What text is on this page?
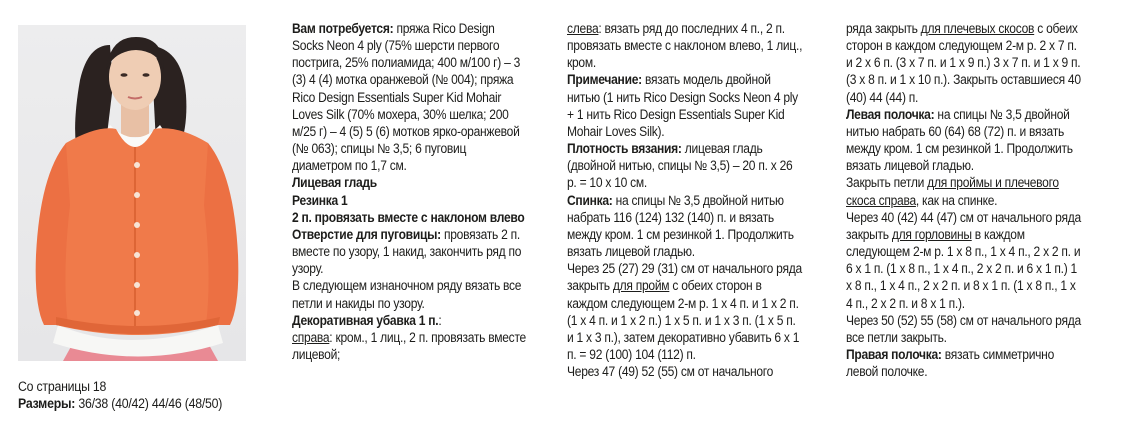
Со страницы 18
Размеры: 36/38 (40/42) 44/46 (48/50)

Вам потребуется: пряжа Rico Design Socks Neon 4 ply (75% шерсти первого пострига, 25% полиамида; 400 м/100 г) – 3 (3) 4 (4) мотка оранжевой (№ 004); пряжа Rico Design Essentials Super Kid Mohair Loves Silk (70% мохера, 30% шелка; 200 м/25 г) – 4 (5) 5 (6) мотков ярко-оранжевой (№ 063); спицы № 3,5; 6 пуговиц диаметром по 1,7 см.

Лицевая гладь

Резинка 1

2 п. провязать вместе с наклоном влево

Отверстие для пуговицы: провязать 2 п. вместе по узору, 1 накид, закончить ряд по узору.

В следующем изнаночном ряду вязать все петли и накиды по узору.

Декоративная убавка 1 п.:

справа: кром., 1 лиц., 2 п. провязать вместе лицевой;

слева: вязать ряд до последних 4 п., 2 п. провязать вместе с наклоном влево, 1 лиц., кром.

Примечание: вязать модель двойной нитью (1 нить Rico Design Socks Neon 4 ply + 1 нить Rico Design Essentials Super Kid Mohair Loves Silk).

Плотность вязания: лицевая гладь (двойной нитью, спицы № 3,5) – 20 п. х 26 р. = 10 х 10 см.

Спинка: на спицы № 3,5 двойной нитью набрать 116 (124) 132 (140) п. и вязать между кром. 1 см резинкой 1. Продолжить вязать лицевой гладью.

Через 25 (27) 29 (31) см от начального ряда закрыть для пройм с обеих сторон в каждом следующем 2-м р. 1 х 4 п. и 1 х 2 п. (1 х 4 п. и 1 х 2 п.) 1 х 5 п. и 1 х 3 п. (1 х 5 п. и 1 х 3 п.), затем декоративно убавить 6 х 1 п. = 92 (100) 104 (112) п.

Через 47 (49) 52 (55) см от начального

ряда закрыть для плечевых скосов с обеих сторон в каждом следующем 2-м р. 2 х 7 п. и 2 х 6 п. (3 х 7 п. и 1 х 9 п.) 3 х 7 п. и 1 х 9 п. (3 х 8 п. и 1 х 10 п.). Закрыть оставшиеся 40 (40) 44 (44) п.

Левая полочка: на спицы № 3,5 двойной нитью набрать 60 (64) 68 (72) п. и вязать между кром. 1 см резинкой 1. Продолжить вязать лицевой гладью.

Закрыть петли для проймы и плечевого скоса справа, как на спинке.

Через 40 (42) 44 (47) см от начального ряда закрыть для горловины в каждом следующем 2-м р. 1 х 8 п., 1 х 4 п., 2 х 2 п. и 6 х 1 п. (1 х 8 п., 1 х 4 п., 2 х 2 п. и 6 х 1 п.) 1 х 8 п., 1 х 4 п., 2 х 2 п. и 8 х 1 п. (1 х 8 п., 1 х 4 п., 2 х 2 п. и 8 х 1 п.).

Через 50 (52) 55 (58) см от начального ряда все петли закрыть.

Правая полочка: вязать симметрично левой полочке.
